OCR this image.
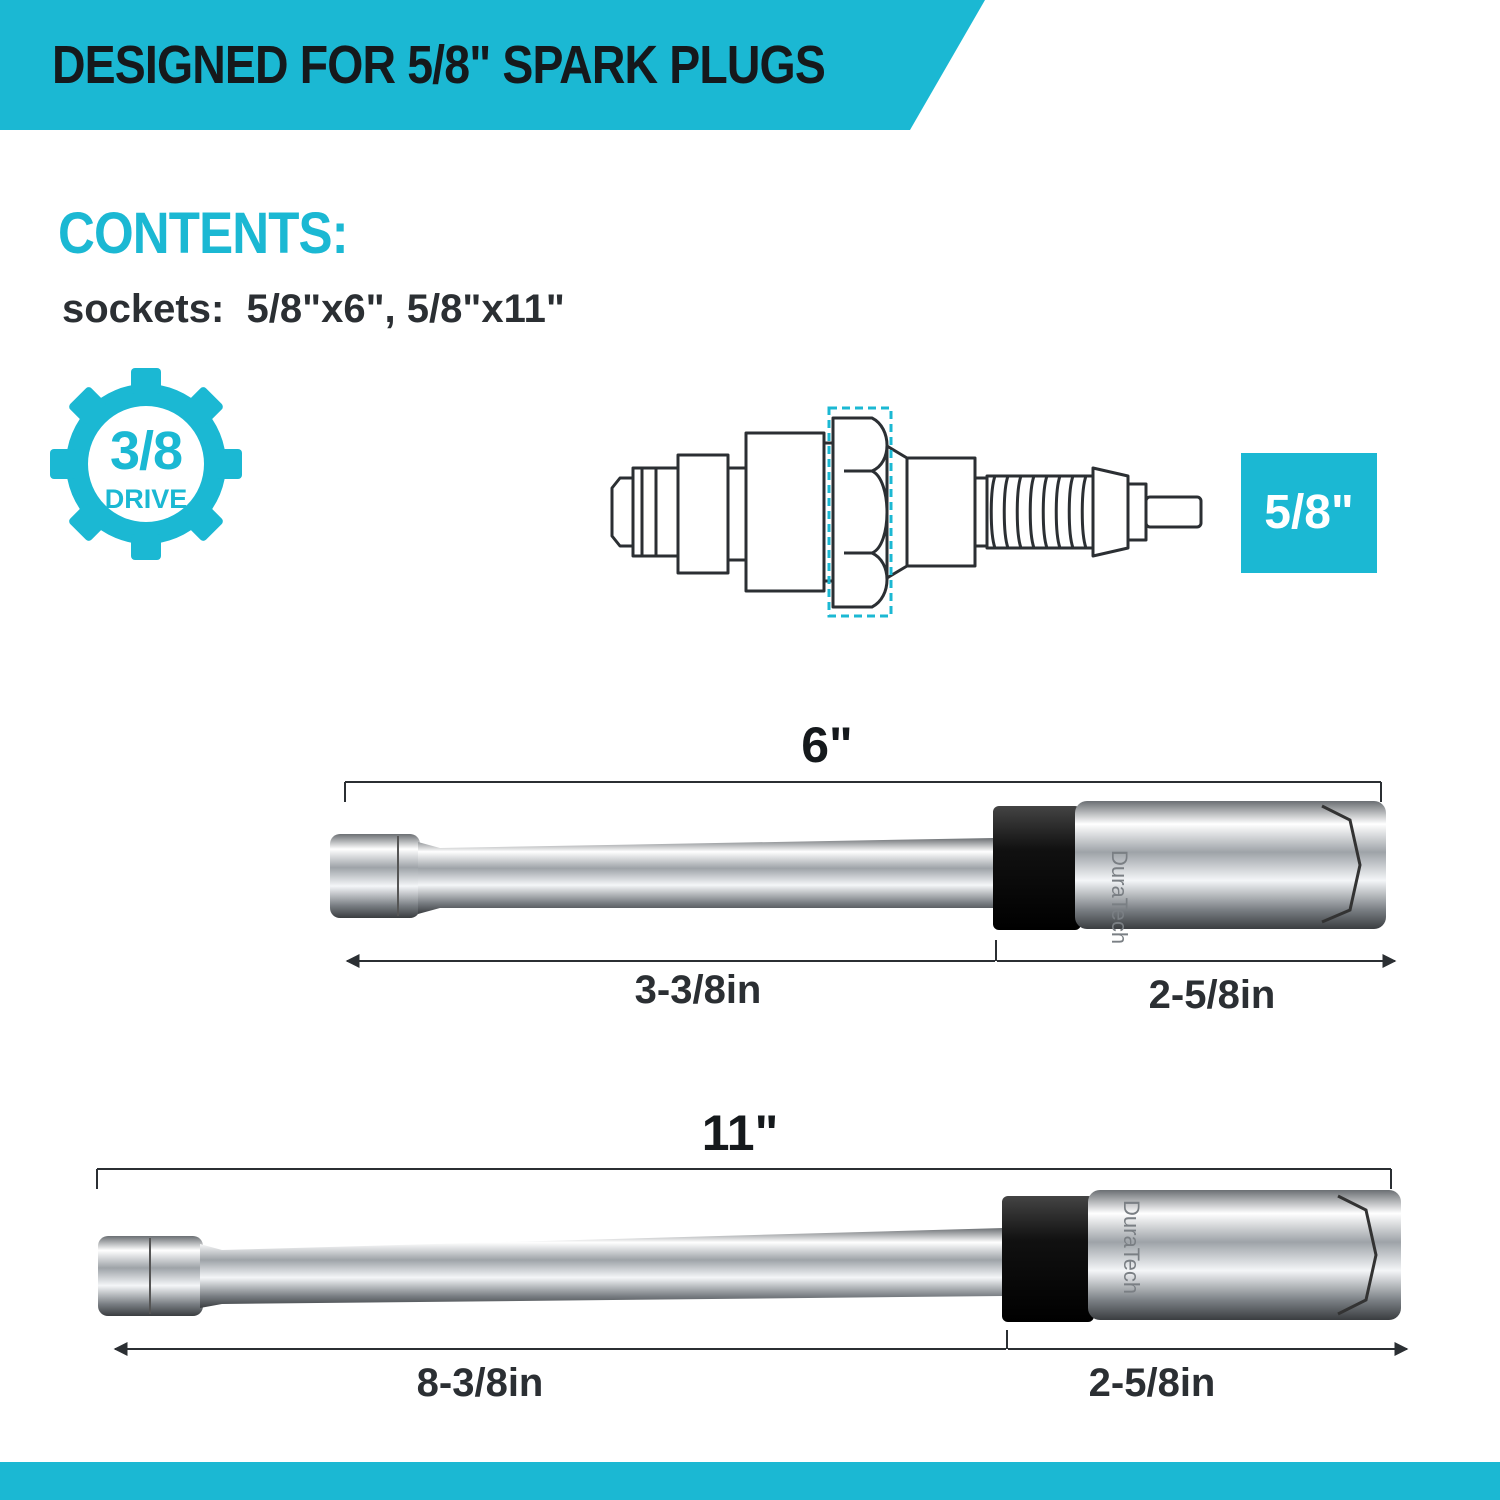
DESIGNED FOR 5/8" SPARK PLUGS
CONTENTS:
sockets:  5/8"x6", 5/8"x11"
3/8
DRIVE	5/8"
DuraTech
DuraTech
6"
3-3/8in	2-5/8in
11"
8-3/8in	2-5/8in
